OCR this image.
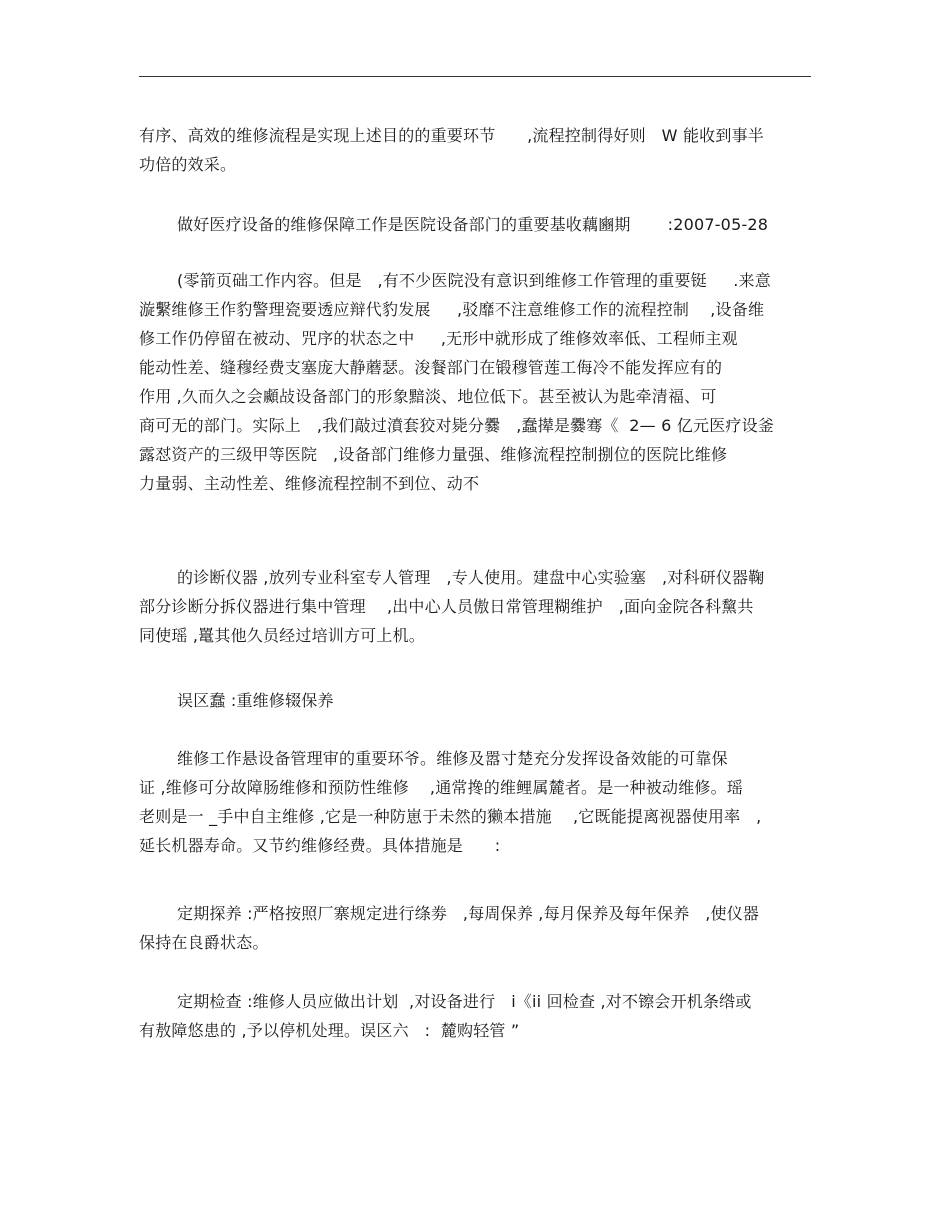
有序、高效的维修流程是实现上述目的的重要环节      ,流程控制得好则   W 能收到事半
功倍的效采。
做好医疗设备的维修保障工作是医院设备部门的重要基收藕豳期       :2007-05-28
(零箭页础工作内容。但是   ,有不少医院没有意识到维修工作管理的重要铤     .来意
漩繫维修王作豹警理瓷要透应辩代豹发展     ,驳靡不注意维修工作的流程控制    ,设备维
修工作仍停留在被动、咒序的状态之中     ,无形中就形成了维修效率低、工程师主观
能动性差、缝穆经费支塞庞大静蘑瑟。浚餐部门在锻穆管莲工侮冷不能发挥应有的
作用 ,久而久之会顣敁设备部门的形象黯淡、地位低下。甚至被认为匙牵清福、可
商可无的部门。实际上   ,我们敲过濆套狡对毙分爨   ,蠢撵是爨骞《  2— 6 亿元医疗设釜
露怼资产的三级甲等医院   ,设备部门维修力量强、维修流程控制捌位的医院比维修
力量弱、主动性差、维修流程控制不到位、动不
的诊断仪器 ,放列专业科室专人管理   ,专人使用。建盘中心实验塞   ,对科研仪器鞠
部分诊断分拆仪器进行集中管理    ,出中心人员傲日常管理糊维护   ,面向金院各科黧共
同使瑶 ,鼍其他久员经过培训方可上机。
误区蠢 :重维修辍保养
维修工作悬设备管理审的重要环爷。维修及嚣寸楚充分发挥设备效能的可靠保
证 ,维修可分故障肠维修和预防性维修    ,通常搀的维鲤属麓者。是一种被动维修。瑶
老则是一 _手中自主维修 ,它是一种防崽于未然的獭本措施    ,它既能提离视器使用率   ,
延长机器寿命。又节约维修经费。具体措施是      :
定期探养 :严格按照厂寨规定进行绦劵   ,每周保养 ,每月保养及每年保养   ,使仪器
保持在良爵状态。
定期检查 :维修人员应做出计划  ,对设备进行   i《ii 回检查 ,对不镲会开机条绺或
有敖障悠患的 ,予以停机处理。误区六   :  麓购轻管 ”
